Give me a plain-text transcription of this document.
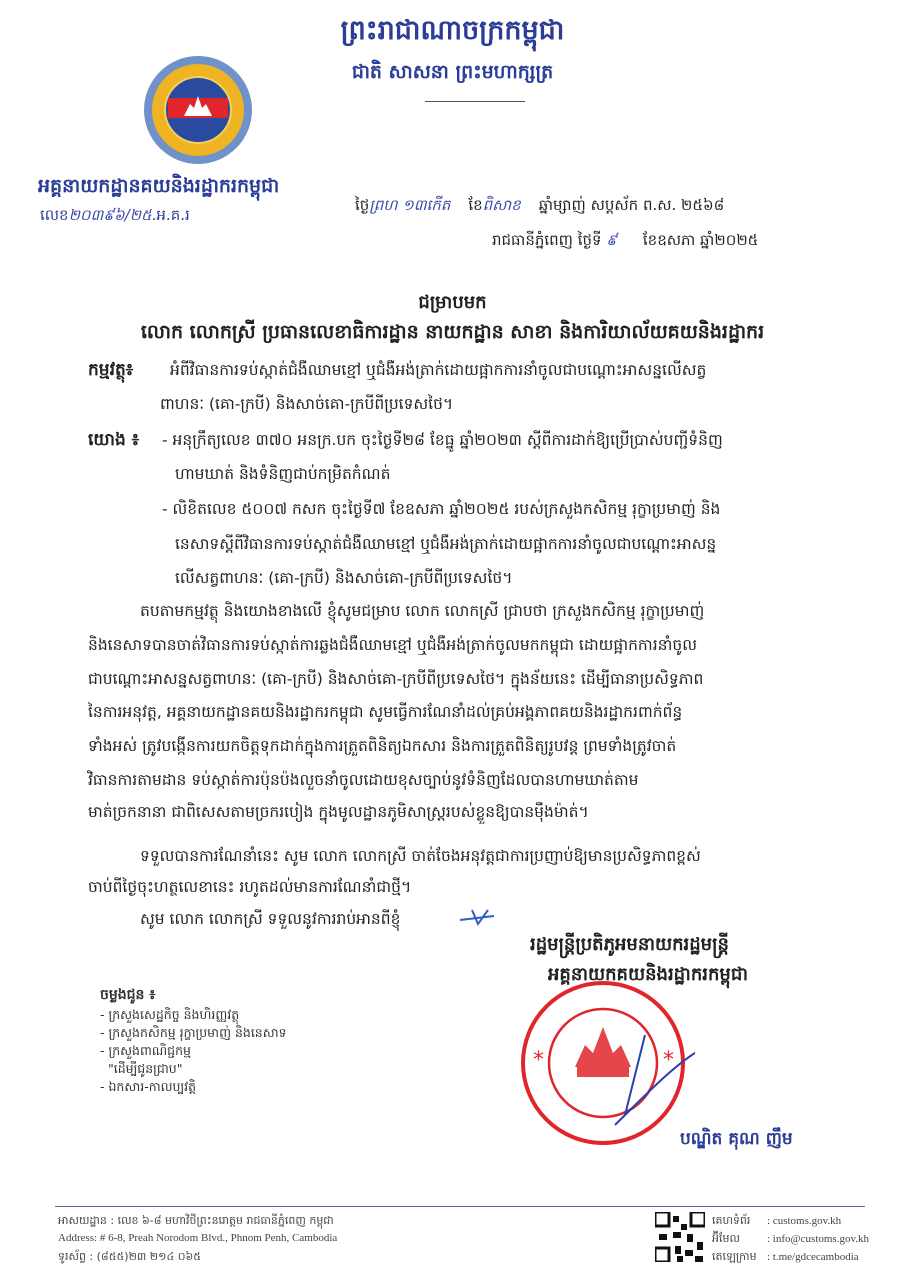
ព្រះរាជាណាចក្រកម្ពុជា
ជាតិ សាសនា ព្រះមហាក្សត្រ
អគ្គនាយកដ្ឋានគយនិងរដ្ឋាករកម្ពុជា
លេខ២០៣៩៦/២៥.អ.គ.រ
ថ្ងៃព្រហ ១៣កើត ខែពិសាខ ឆ្នាំម្សាញ់ សប្តស័ក ព.ស. ២៥៦៨
រាជធានីភ្នំពេញ ថ្ងៃទី ៩ ខែឧសភា ឆ្នាំ២០២៥
ជម្រាបមក
លោក លោកស្រី ប្រធានលេខាធិការដ្ឋាន នាយកដ្ឋាន សាខា និងការិយាល័យគយនិងរដ្ឋាករ
កម្មវត្ថុ៖ អំពីវិធានការទប់ស្កាត់ជំងឺឈាមខ្មៅ ឬជំងឺអង់ត្រាក់ដោយផ្អាកការនាំចូលជាបណ្ដោះអាសន្នលើសត្វ
ពាហនៈ (គោ-ក្របី) និងសាច់គោ-ក្របីពីប្រទេសថៃ។
យោង ៖ - អនុក្រឹត្យលេខ ៣៧០ អនក្រ.បក ចុះថ្ងៃទី២៨ ខែធ្នូ ឆ្នាំ២០២៣ ស្តីពីការដាក់ឱ្យប្រើប្រាស់បញ្ជីទំនិញ
ហាមឃាត់ និងទំនិញជាប់កម្រិតកំណត់
- លិខិតលេខ ៥០០៧ កសក ចុះថ្ងៃទី៧ ខែឧសភា ឆ្នាំ២០២៥ របស់ក្រសួងកសិកម្ម រុក្ខាប្រមាញ់ និង
នេសាទស្តីពីវិធានការទប់ស្កាត់ជំងឺឈាមខ្មៅ ឬជំងឺអង់ត្រាក់ដោយផ្អាកការនាំចូលជាបណ្ដោះអាសន្ន
លើសត្វពាហនៈ (គោ-ក្របី) និងសាច់គោ-ក្របីពីប្រទេសថៃ។
តបតាមកម្មវត្ថុ និងយោងខាងលើ ខ្ញុំសូមជម្រាប លោក លោកស្រី ជ្រាបថា ក្រសួងកសិកម្ម រុក្ខាប្រមាញ់
និងនេសាទបានចាត់វិធានការទប់ស្កាត់ការឆ្លងជំងឺឈាមខ្មៅ ឬជំងឺអង់ត្រាក់ចូលមកកម្ពុជា ដោយផ្អាកការនាំចូល
ជាបណ្ដោះអាសន្នសត្វពាហនៈ (គោ-ក្របី) និងសាច់គោ-ក្របីពីប្រទេសថៃ។ ក្នុងន័យនេះ ដើម្បីធានាប្រសិទ្ធភាព
នៃការអនុវត្ត, អគ្គនាយកដ្ឋានគយនិងរដ្ឋាករកម្ពុជា សូមធ្វើការណែនាំដល់គ្រប់អង្គភាពគយនិងរដ្ឋាករពាក់ព័ន្ធ
ទាំងអស់ ត្រូវបង្កើនការយកចិត្តទុកដាក់ក្នុងការត្រួតពិនិត្យឯកសារ និងការត្រួតពិនិត្យរូបវន្ត ព្រមទាំងត្រូវចាត់
វិធានការតាមដាន ទប់ស្កាត់ការប៉ុនប៉ងលួចនាំចូលដោយខុសច្បាប់នូវទំនិញដែលបានហាមឃាត់តាម
មាត់ច្រកនានា ជាពិសេសតាមច្រករបៀង ក្នុងមូលដ្ឋានភូមិសាស្ត្ររបស់ខ្លួនឱ្យបានម៉ឺងម៉ាត់។
ទទួលបានការណែនាំនេះ សូម លោក លោកស្រី ចាត់ចែងអនុវត្តជាការប្រញាប់ឱ្យមានប្រសិទ្ធភាពខ្ពស់
ចាប់ពីថ្ងៃចុះហត្ថលេខានេះ រហូតដល់មានការណែនាំជាថ្មី។
សូម លោក លោកស្រី ទទួលនូវការរាប់អានពីខ្ញុំ
រដ្ឋមន្ត្រីប្រតិភូអមនាយករដ្ឋមន្ត្រី
អគ្គនាយកគយនិងរដ្ឋាករកម្ពុជា
*	*
បណ្ឌិត គុណ ញឹម
ចម្លងជូន ៖
- ក្រសួងសេដ្ឋកិច្ច និងហិរញ្ញវត្ថុ
- ក្រសួងកសិកម្ម រុក្ខាប្រមាញ់ និងនេសាទ
- ក្រសួងពាណិជ្ជកម្ម
"ដើម្បីជូនជ្រាប"
- ឯកសារ-កាលប្បវត្តិ
អាសយដ្ឋាន : លេខ ៦-៨ មហាវិថីព្រះនរោត្តម រាជធានីភ្នំពេញ កម្ពុជា
Address: # 6-8, Preah Norodom Blvd., Phnom Penh, Cambodia
ទូរស័ព្ទ : (៨៥៥)២៣ ២១៤ ០៦៥
គេហទំព័រ : customs.gov.kh
អ៊ីមែល : info@customs.gov.kh
តេឡេក្រាម : t.me/gdcecambodia
